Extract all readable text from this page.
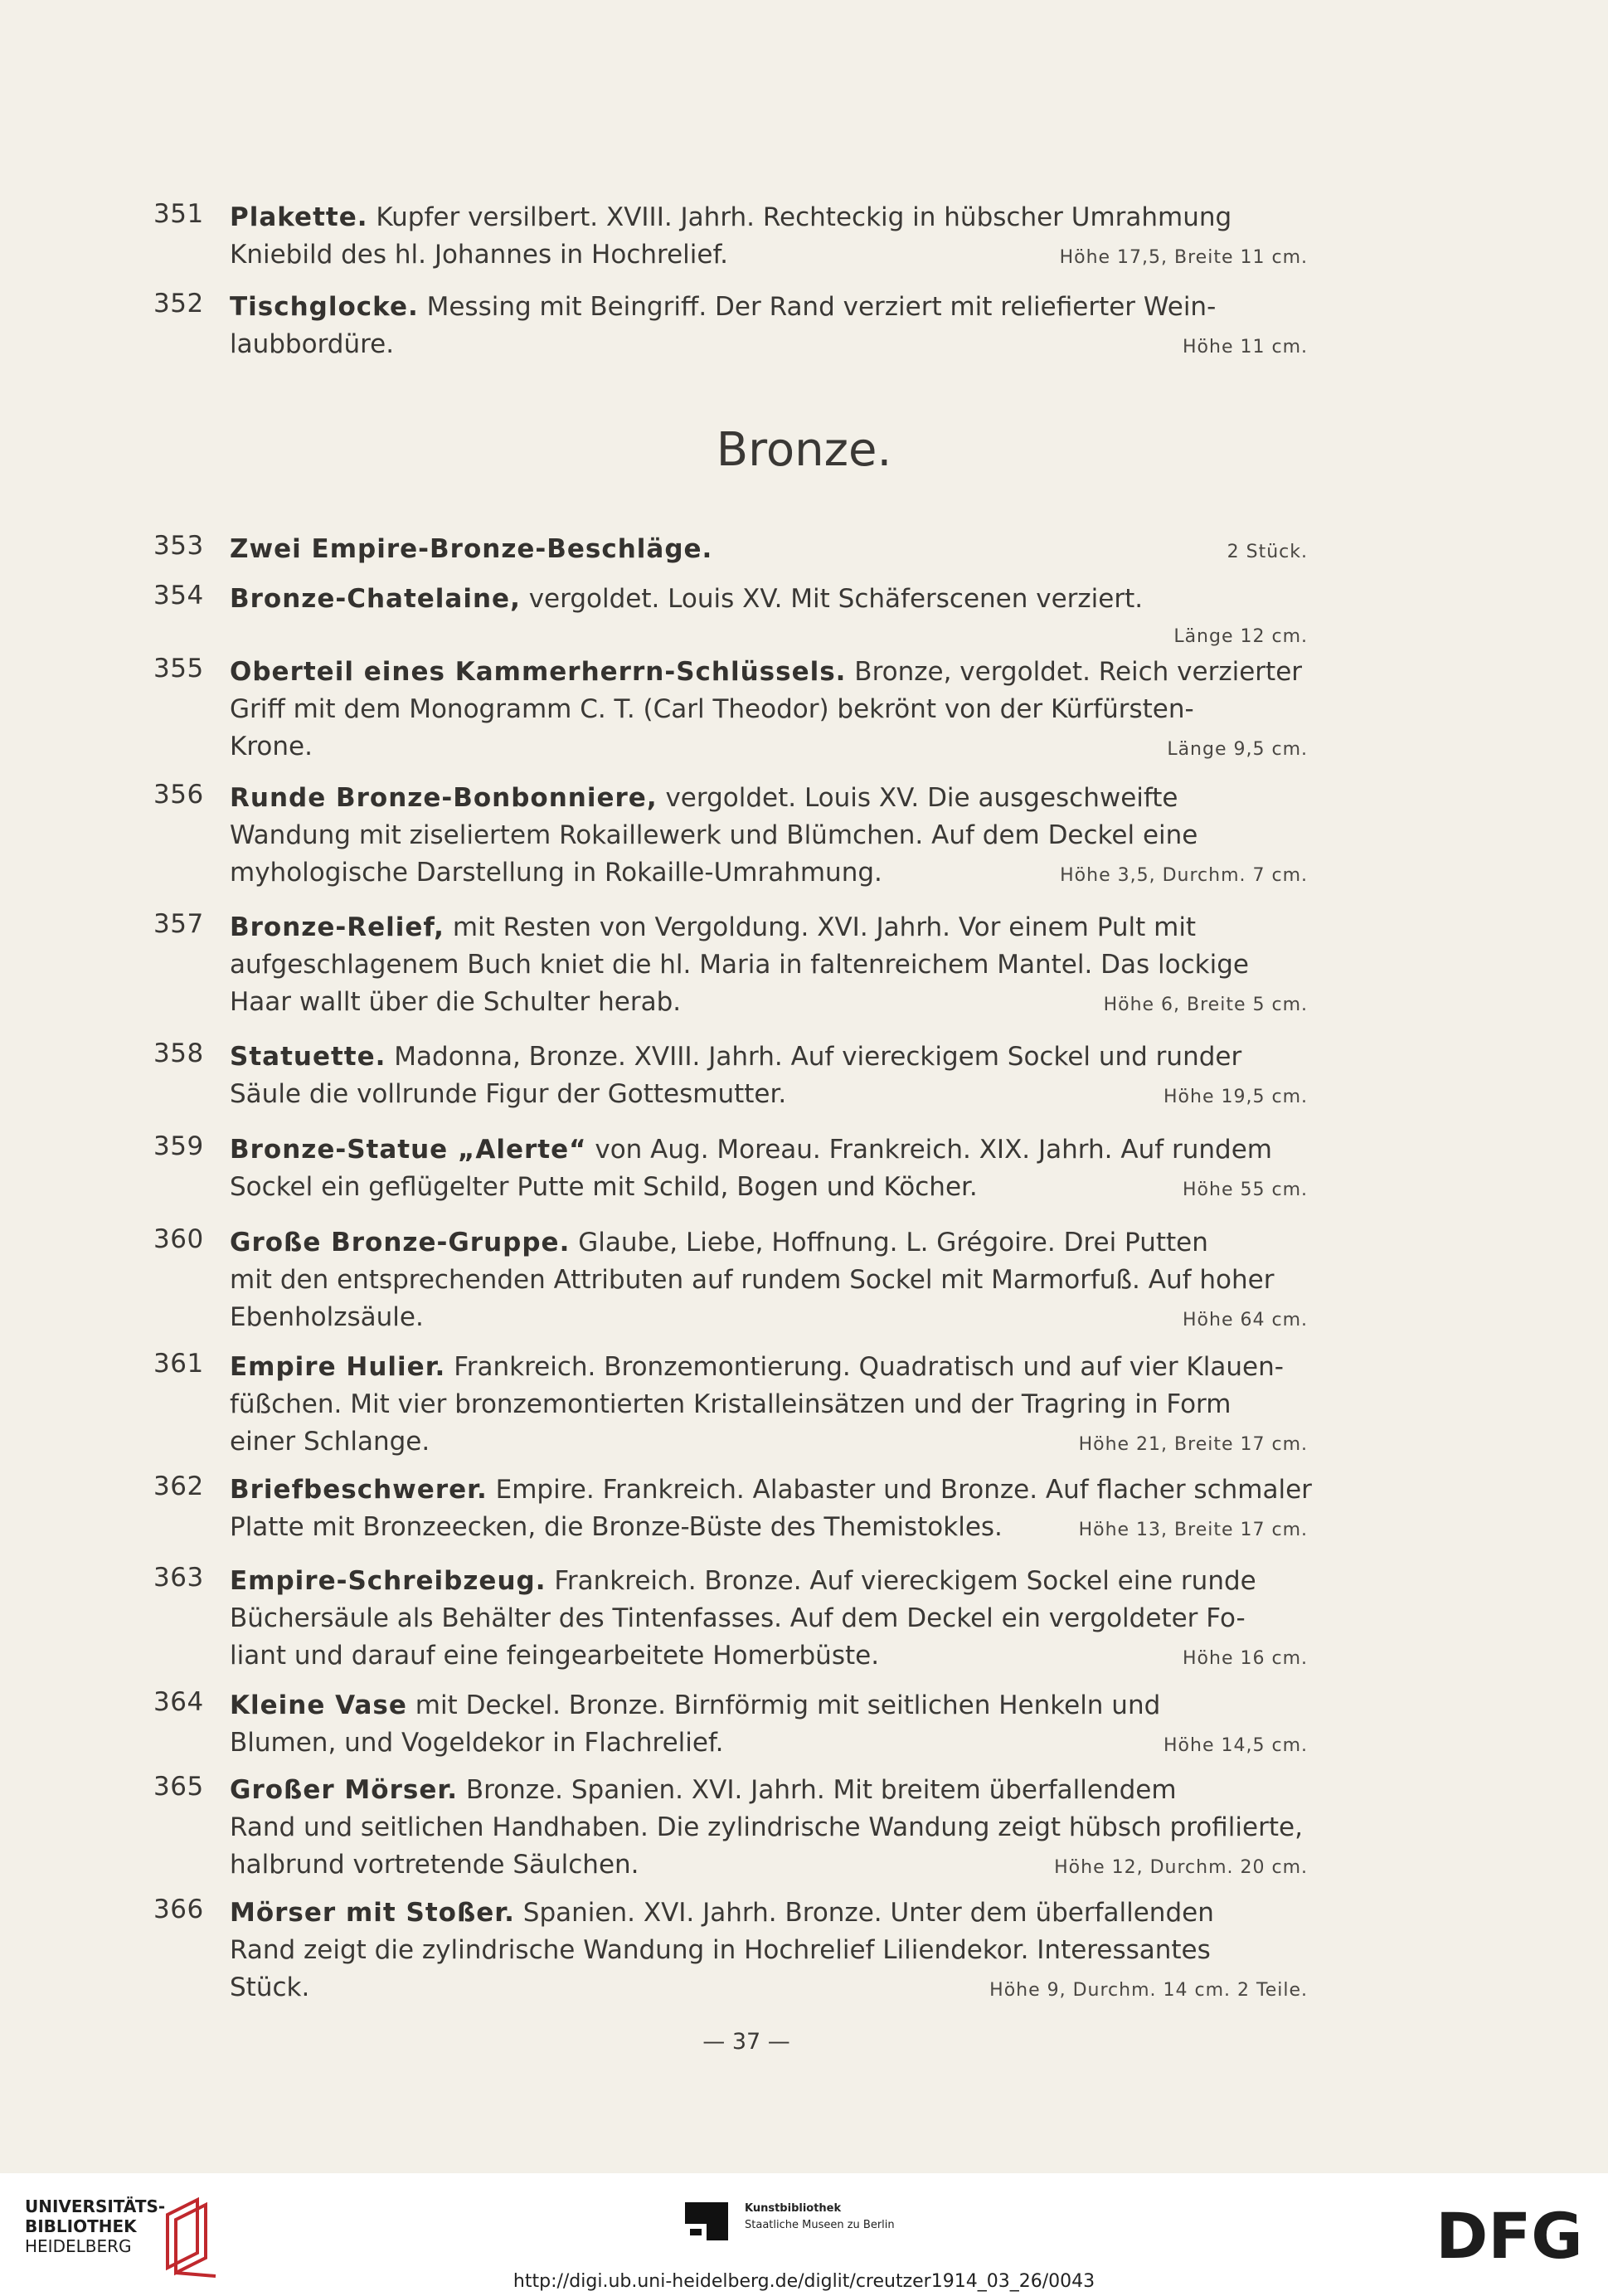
351 Plakette. Kupfer versilbert. XVIII. Jahrh. Rechteckig in hübscher Umrahmung
Kniebild des hl. Johannes in Hochrelief.	Höhe 17,5, Breite 11 cm.
352 Tischglocke. Messing mit Beingriff. Der Rand verziert mit reliefierter Wein-
laubbordüre.	Höhe 11 cm.
Bronze.
353 Zwei Empire-Bronze-Beschläge.	2 Stück.
354 Bronze-Chatelaine, vergoldet. Louis XV. Mit Schäferscenen verziert.
Länge 12 cm.
355 Oberteil eines Kammerherrn-Schlüssels. Bronze, vergoldet. Reich verzierter
Griff mit dem Monogramm C. T. (Carl Theodor) bekrönt von der Kürfürsten-
Krone.	Länge 9,5 cm.
356 Runde Bronze-Bonbonniere, vergoldet. Louis XV. Die ausgeschweifte
Wandung mit ziseliertem Rokaillewerk und Blümchen. Auf dem Deckel eine
myhologische Darstellung in Rokaille-Umrahmung.	Höhe 3,5, Durchm. 7 cm.
357 Bronze-Relief, mit Resten von Vergoldung. XVI. Jahrh. Vor einem Pult mit
aufgeschlagenem Buch kniet die hl. Maria in faltenreichem Mantel. Das lockige
Haar wallt über die Schulter herab.	Höhe 6, Breite 5 cm.
358 Statuette. Madonna, Bronze. XVIII. Jahrh. Auf viereckigem Sockel und runder
Säule die vollrunde Figur der Gottesmutter.	Höhe 19,5 cm.
359 Bronze-Statue „Alerte“ von Aug. Moreau. Frankreich. XIX. Jahrh. Auf rundem
Sockel ein geflügelter Putte mit Schild, Bogen und Köcher.	Höhe 55 cm.
360 Große Bronze-Gruppe. Glaube, Liebe, Hoffnung. L. Grégoire. Drei Putten
mit den entsprechenden Attributen auf rundem Sockel mit Marmorfuß. Auf hoher
Ebenholzsäule.	Höhe 64 cm.
361 Empire Hulier. Frankreich. Bronzemontierung. Quadratisch und auf vier Klauen-
füßchen. Mit vier bronzemontierten Kristalleinsätzen und der Tragring in Form
einer Schlange.	Höhe 21, Breite 17 cm.
362 Briefbeschwerer. Empire. Frankreich. Alabaster und Bronze. Auf flacher schmaler
Platte mit Bronzeecken, die Bronze-Büste des Themistokles.	Höhe 13, Breite 17 cm.
363 Empire-Schreibzeug. Frankreich. Bronze. Auf viereckigem Sockel eine runde
Büchersäule als Behälter des Tintenfasses. Auf dem Deckel ein vergoldeter Fo-
liant und darauf eine feingearbeitete Homerbüste.	Höhe 16 cm.
364 Kleine Vase mit Deckel. Bronze. Birnförmig mit seitlichen Henkeln und
Blumen, und Vogeldekor in Flachrelief.	Höhe 14,5 cm.
365 Großer Mörser. Bronze. Spanien. XVI. Jahrh. Mit breitem überfallendem
Rand und seitlichen Handhaben. Die zylindrische Wandung zeigt hübsch profilierte,
halbrund vortretende Säulchen.	Höhe 12, Durchm. 20 cm.
366 Mörser mit Stoßer. Spanien. XVI. Jahrh. Bronze. Unter dem überfallenden
Rand zeigt die zylindrische Wandung in Hochrelief Liliendekor. Interessantes
Stück.	Höhe 9, Durchm. 14 cm. 2 Teile.
— 37 —
UNIVERSITÄTS-
BIBLIOTHEK
HEIDELBERG
Kunstbibliothek
Staatliche Museen zu Berlin	DFG
http://digi.ub.uni-heidelberg.de/diglit/creutzer1914_03_26/0043
